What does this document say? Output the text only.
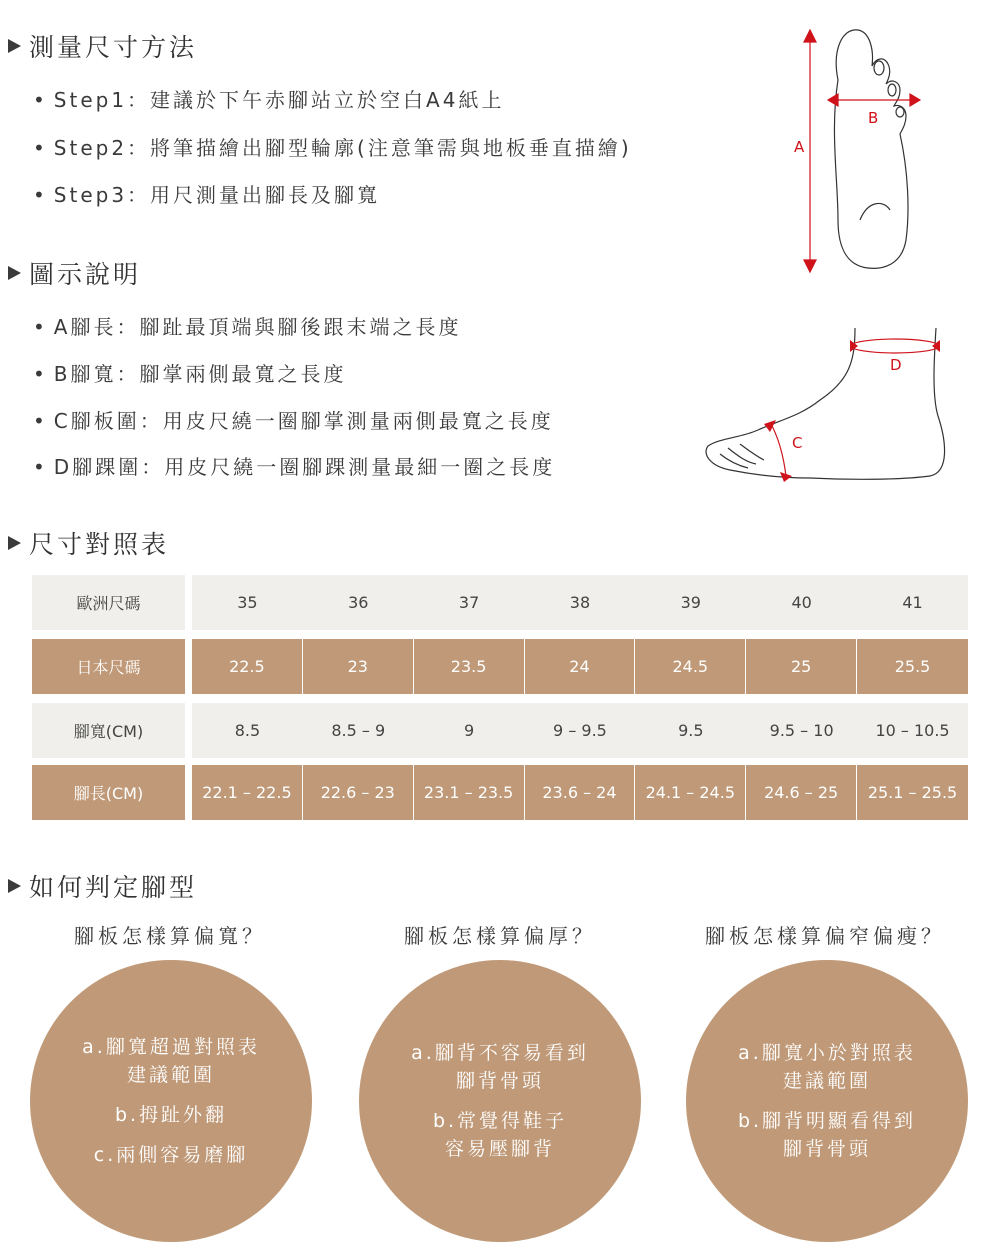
測量尺寸方法
• Step1：建議於下午赤腳站立於空白A4紙上
• Step2：將筆描繪出腳型輪廓(注意筆需與地板垂直描繪)
• Step3：用尺測量出腳長及腳寬
圖示說明
• A腳長：腳趾最頂端與腳後跟末端之長度
• B腳寬：腳掌兩側最寬之長度
• C腳板圍：用皮尺繞一圈腳掌測量兩側最寬之長度
• D腳踝圍：用皮尺繞一圈腳踝測量最細一圈之長度
A
B
D
C
尺寸對照表
歐洲尺碼	35	36	37	38	39	40	41

日本尺碼	22.5	23	23.5	24	24.5	25	25.5

腳寬(CM)	8.5	8.5 – 9	9	9 – 9.5	9.5	9.5 – 10	10 – 10.5

腳長(CM)	22.1 – 22.5	22.6 – 23	23.1 – 23.5	23.6 – 24	24.1 – 24.5	24.6 – 25	25.1 – 25.5
如何判定腳型
腳板怎樣算偏寬？	腳板怎樣算偏厚？	腳板怎樣算偏窄偏瘦？
a.腳寬超過對照表
建議範圍
b.拇趾外翻
c.兩側容易磨腳
a.腳背不容易看到
腳背骨頭
b.常覺得鞋子
容易壓腳背
a.腳寬小於對照表
建議範圍
b.腳背明顯看得到
腳背骨頭
